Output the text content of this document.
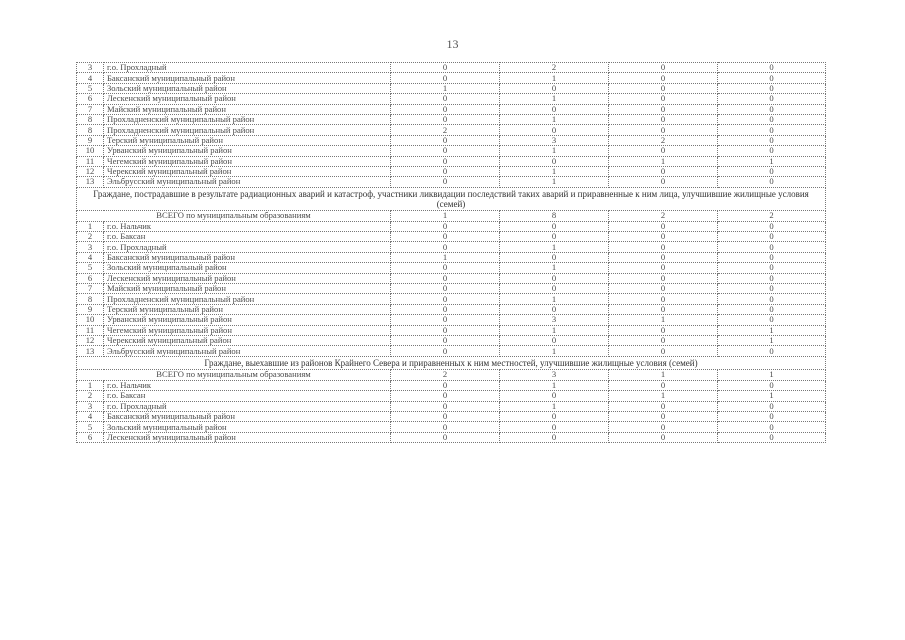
13
3	г.о. Прохладный	0	2	0	0
4	Баксанский муниципальный район	0	1	0	0
5	Зольский муниципальный район	1	0	0	0
6	Лескенский муниципальный район	0	1	0	0
7	Майский муниципальный район	0	0	0	0
8	Прохладненский муниципальный район	0	1	0	0
8	Прохладненский муниципальный район	2	0	0	0
9	Терский муниципальный район	0	3	2	0
10	Урванский муниципальный район	0	1	0	0
11	Чегемский муниципальный район	0	0	1	1
12	Черекский муниципальный район	0	1	0	0
13	Эльбрусский муниципальный район	0	1	0	0
Граждане, пострадавшие в результате радиационных аварий и катастроф, участники ликвидации последствий таких аварий и приравненные к ним лица, улучшившие жилищные условия (семей)					
ВСЕГО по муниципальным образованиям		1	8	2	2
1	г.о. Нальчик	0	0	0	0
2	г.о. Баксан	0	0	0	0
3	г.о. Прохладный	0	1	0	0
4	Баксанский муниципальный район	1	0	0	0
5	Зольский муниципальный район	0	1	0	0
6	Лескенский муниципальный район	0	0	0	0
7	Майский муниципальный район	0	0	0	0
8	Прохладненский муниципальный район	0	1	0	0
9	Терский муниципальный район	0	0	0	0
10	Урванский муниципальный район	0	3	1	0
11	Чегемский муниципальный район	0	1	0	1
12	Черекский муниципальный район	0	0	0	1
13	Эльбрусский муниципальный район	0	1	0	0
Граждане, выехавшие из районов Крайнего Севера и приравненных к ним местностей, улучшившие жилищные условия (семей)					
ВСЕГО по муниципальным образованиям		2	3	1	1
1	г.о. Нальчик	0	1	0	0
2	г.о. Баксан	0	0	1	1
3	г.о. Прохладный	0	1	0	0
4	Баксанский муниципальный район	0	0	0	0
5	Зольский муниципальный район	0	0	0	0
6	Лескенский муниципальный район	0	0	0	0
